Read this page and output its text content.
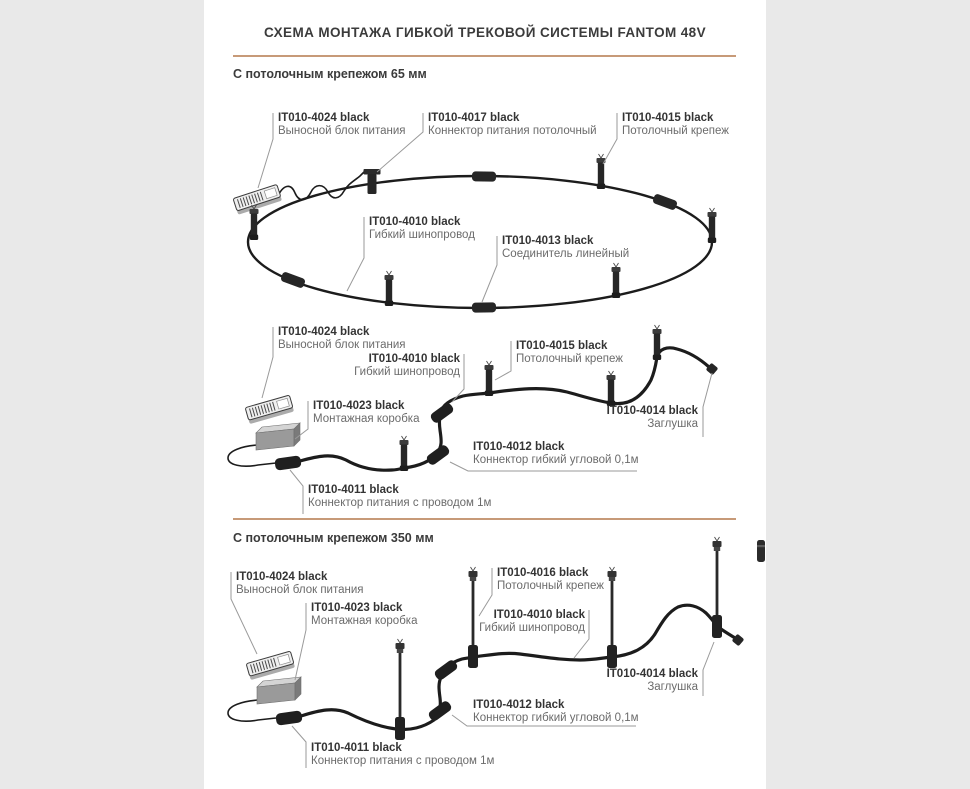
СХЕМА МОНТАЖА ГИБКОЙ ТРЕКОВОЙ СИСТЕМЫ FANTOM 48V
С потолочным крепежом 65 мм
С потолочным крепежом 350 мм
IT010-4024 black
Выносной блок питания
IT010-4017 black
Коннектор питания потолочный
IT010-4015 black
Потолочный крепеж
IT010-4010 black
Гибкий шинопровод IT010-4013 black
Соединитель линейный
IT010-4024 black
Выносной блок питания
IT010-4010 black
Гибкий шинопровод
IT010-4015 black
Потолочный крепеж
IT010-4023 black
Монтажная коробка
IT010-4014 black
Заглушка
IT010-4012 black
Коннектор гибкий угловой 0,1м
IT010-4011 black
Коннектор питания с проводом 1м
IT010-4024 black
Выносной блок питания
IT010-4023 black
Монтажная коробка
IT010-4016 black
Потолочный крепеж
IT010-4010 black
Гибкий шинопровод
IT010-4014 black
Заглушка
IT010-4012 black
Коннектор гибкий угловой 0,1м
IT010-4011 black
Коннектор питания с проводом 1м
